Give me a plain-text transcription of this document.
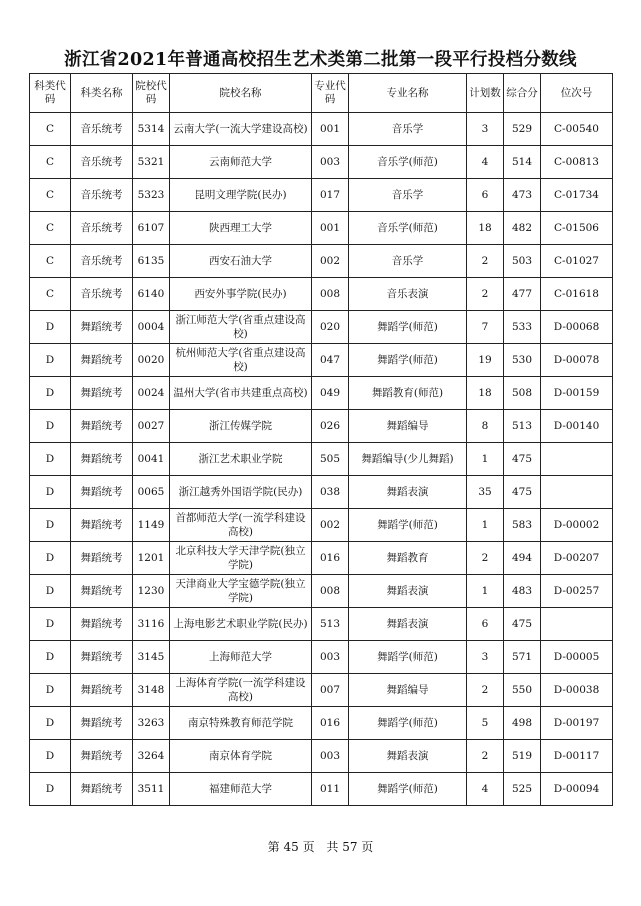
浙江省2021年普通高校招生艺术类第二批第一段平行投档分数线
科类代码	科类名称	院校代码	院校名称	专业代码	专业名称	计划数	综合分	位次号
C	音乐统考	5314	云南大学(一流大学建设高校)	001	音乐学	3	529	C-00540
C	音乐统考	5321	云南师范大学	003	音乐学(师范)	4	514	C-00813
C	音乐统考	5323	昆明文理学院(民办)	017	音乐学	6	473	C-01734
C	音乐统考	6107	陕西理工大学	001	音乐学(师范)	18	482	C-01506
C	音乐统考	6135	西安石油大学	002	音乐学	2	503	C-01027
C	音乐统考	6140	西安外事学院(民办)	008	音乐表演	2	477	C-01618
D	舞蹈统考	0004	浙江师范大学(省重点建设高校)	020	舞蹈学(师范)	7	533	D-00068
D	舞蹈统考	0020	杭州师范大学(省重点建设高校)	047	舞蹈学(师范)	19	530	D-00078
D	舞蹈统考	0024	温州大学(省市共建重点高校)	049	舞蹈教育(师范)	18	508	D-00159
D	舞蹈统考	0027	浙江传媒学院	026	舞蹈编导	8	513	D-00140
D	舞蹈统考	0041	浙江艺术职业学院	505	舞蹈编导(少儿舞蹈)	1	475	
D	舞蹈统考	0065	浙江越秀外国语学院(民办)	038	舞蹈表演	35	475	
D	舞蹈统考	1149	首都师范大学(一流学科建设高校)	002	舞蹈学(师范)	1	583	D-00002
D	舞蹈统考	1201	北京科技大学天津学院(独立学院)	016	舞蹈教育	2	494	D-00207
D	舞蹈统考	1230	天津商业大学宝德学院(独立学院)	008	舞蹈表演	1	483	D-00257
D	舞蹈统考	3116	上海电影艺术职业学院(民办)	513	舞蹈表演	6	475	
D	舞蹈统考	3145	上海师范大学	003	舞蹈学(师范)	3	571	D-00005
D	舞蹈统考	3148	上海体育学院(一流学科建设高校)	007	舞蹈编导	2	550	D-00038
D	舞蹈统考	3263	南京特殊教育师范学院	016	舞蹈学(师范)	5	498	D-00197
D	舞蹈统考	3264	南京体育学院	003	舞蹈表演	2	519	D-00117
D	舞蹈统考	3511	福建师范大学	011	舞蹈学(师范)	4	525	D-00094
第 45 页 共 57 页
